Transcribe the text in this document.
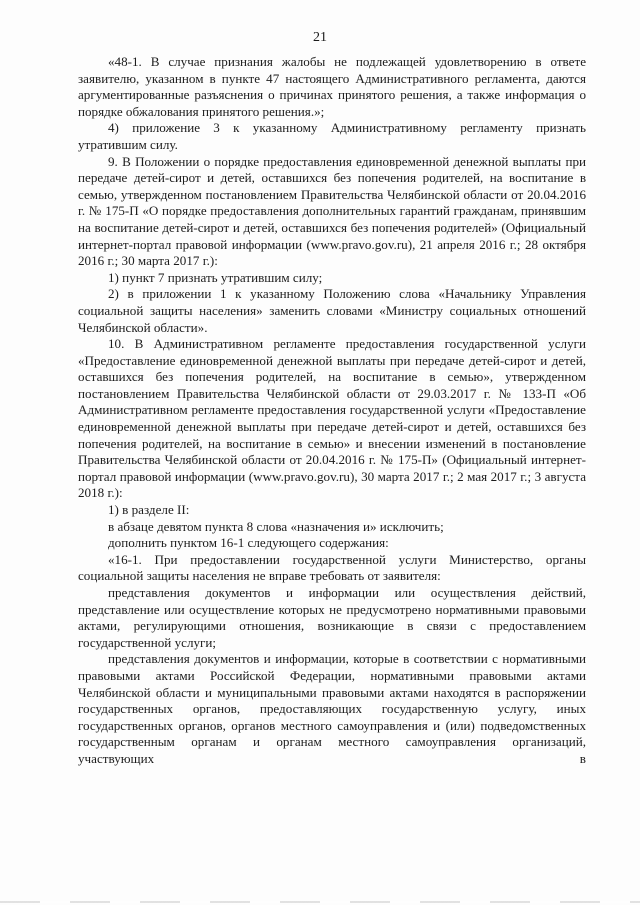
21

«48-1. В случае признания жалобы не подлежащей удовлетворению в ответе заявителю, указанном в пункте 47 настоящего Административного регламента, даются аргументированные разъяснения о причинах принятого решения, а также информация о порядке обжалования принятого решения.»;

4) приложение 3 к указанному Административному регламенту признать утратившим силу.

9. В Положении о порядке предоставления единовременной денежной выплаты при передаче детей-сирот и детей, оставшихся без попечения родителей, на воспитание в семью, утвержденном постановлением Правительства Челябинской области от 20.04.2016 г. № 175-П «О порядке предоставления дополнительных гарантий гражданам, принявшим на воспитание детей-сирот и детей, оставшихся без попечения родителей» (Официальный интернет-портал правовой информации (www.pravo.gov.ru), 21 апреля 2016 г.; 28 октября 2016 г.; 30 марта 2017 г.):

1) пункт 7 признать утратившим силу;

2) в приложении 1 к указанному Положению слова «Начальнику Управления социальной защиты населения» заменить словами «Министру социальных отношений Челябинской области».

10. В Административном регламенте предоставления государственной услуги «Предоставление единовременной денежной выплаты при передаче детей-сирот и детей, оставшихся без попечения родителей, на воспитание в семью», утвержденном постановлением Правительства Челябинской области от 29.03.2017 г. № 133-П «Об Административном регламенте предоставления государственной услуги «Предоставление единовременной денежной выплаты при передаче детей-сирот и детей, оставшихся без попечения родителей, на воспитание в семью» и внесении изменений в постановление Правительства Челябинской области от 20.04.2016 г. № 175-П» (Официальный интернет-портал правовой информации (www.pravo.gov.ru), 30 марта 2017 г.; 2 мая 2017 г.; 3 августа 2018 г.):

1) в разделе II:

в абзаце девятом пункта 8 слова «назначения и» исключить;

дополнить пунктом 16-1 следующего содержания:

«16-1. При предоставлении государственной услуги Министерство, органы социальной защиты населения не вправе требовать от заявителя:

представления документов и информации или осуществления действий, представление или осуществление которых не предусмотрено нормативными правовыми актами, регулирующими отношения, возникающие в связи с предоставлением государственной услуги;

представления документов и информации, которые в соответствии с нормативными правовыми актами Российской Федерации, нормативными правовыми актами Челябинской области и муниципальными правовыми актами находятся в распоряжении государственных органов, предоставляющих государственную услугу, иных государственных органов, органов местного самоуправления и (или) подведомственных государственным органам и органам местного самоуправления организаций, участвующих в
